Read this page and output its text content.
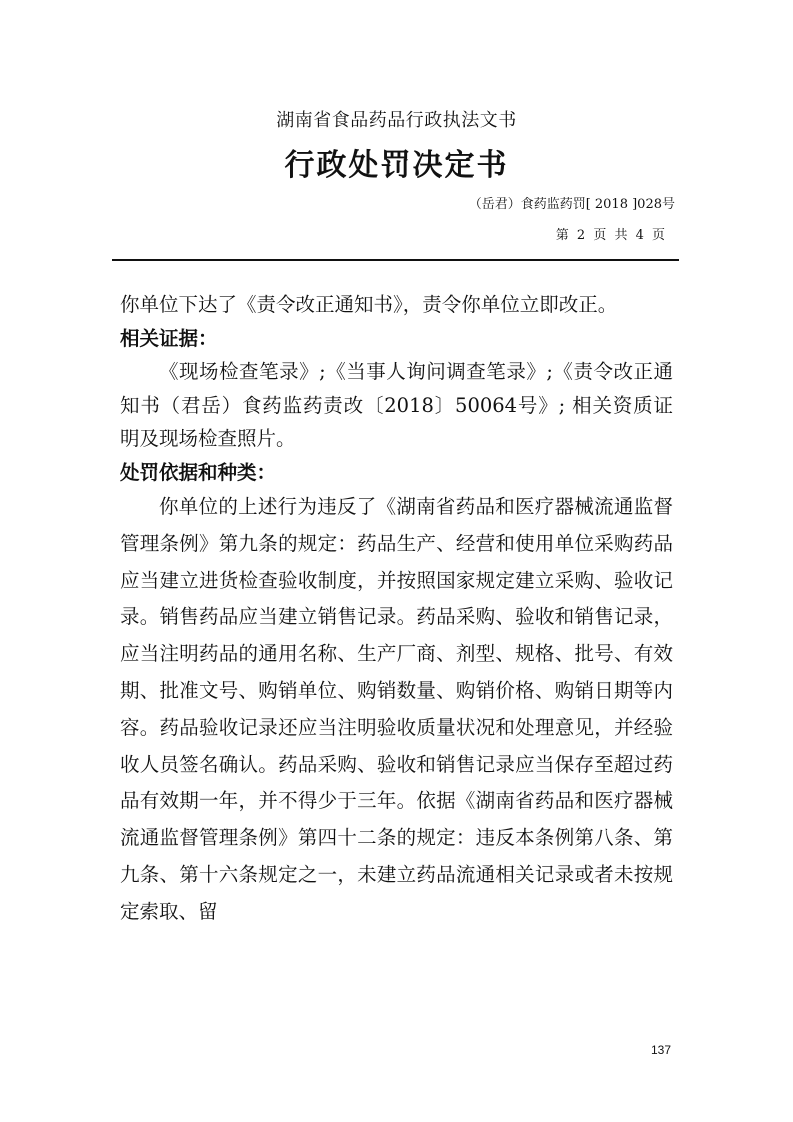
湖南省食品药品行政执法文书
行政处罚决定书
（岳君）食药监药罚[ 2018 ]028号
第 2 页 共 4 页

你单位下达了《责令改正通知书》，责令你单位立即改正。

相关证据：

《现场检查笔录》;《当事人询问调查笔录》;《责令改正通知书（君岳）食药监药责改〔2018〕50064号》; 相关资质证明及现场检查照片。

处罚依据和种类：

你单位的上述行为违反了《湖南省药品和医疗器械流通监督管理条例》第九条的规定：药品生产、经营和使用单位采购药品应当建立进货检查验收制度，并按照国家规定建立采购、验收记录。销售药品应当建立销售记录。药品采购、验收和销售记录，应当注明药品的通用名称、生产厂商、剂型、规格、批号、有效期、批准文号、购销单位、购销数量、购销价格、购销日期等内容。药品验收记录还应当注明验收质量状况和处理意见，并经验收人员签名确认。药品采购、验收和销售记录应当保存至超过药品有效期一年，并不得少于三年。依据《湖南省药品和医疗器械流通监督管理条例》第四十二条的规定：违反本条例第八条、第九条、第十六条规定之一，未建立药品流通相关记录或者未按规定索取、留

137
